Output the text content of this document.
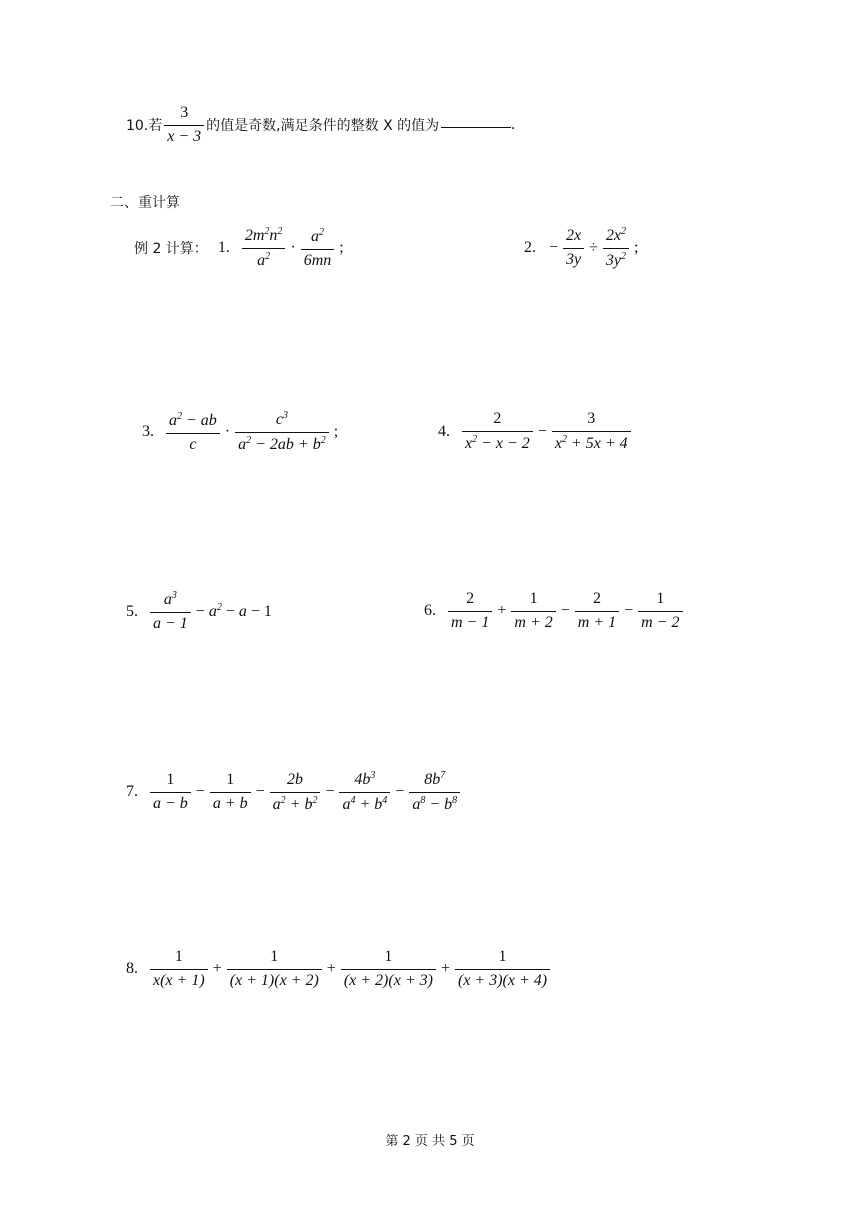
10.若 $\frac{3}{x - 3}$ 的值是奇数,满足条件的整数 X 的值为	.
二、重计算
例 2 计算： 1. $\frac{2m^2n^2}{a^2} \cdot \frac{a^2}{6mn}$ ;	2. − $\frac{2x}{3y} \div \frac{2x^2}{3y^2}$ ;
3. $\frac{a^2 - ab}{c} \cdot \frac{c^3}{a^2 - 2ab + b^2}$ ;	4. $\frac{2}{x^2 - x - 2} - \frac{3}{x^2 + 5x + 4}$
5. $\frac{a^3}{a - 1} - a^2 - a - 1$	6. $\frac{2}{m - 1} + \frac{1}{m + 2} - \frac{2}{m + 1} - \frac{1}{m - 2}$
7. $\frac{1}{a - b} - \frac{1}{a + b} - \frac{2b}{a^2 + b^2} - \frac{4b^3}{a^4 + b^4} - \frac{8b^7}{a^8 - b^8}$
8. $\frac{1}{x(x + 1)} + \frac{1}{(x + 1)(x + 2)} + \frac{1}{(x + 2)(x + 3)} + \frac{1}{(x + 3)(x + 4)}$
第 2 页 共 5 页
